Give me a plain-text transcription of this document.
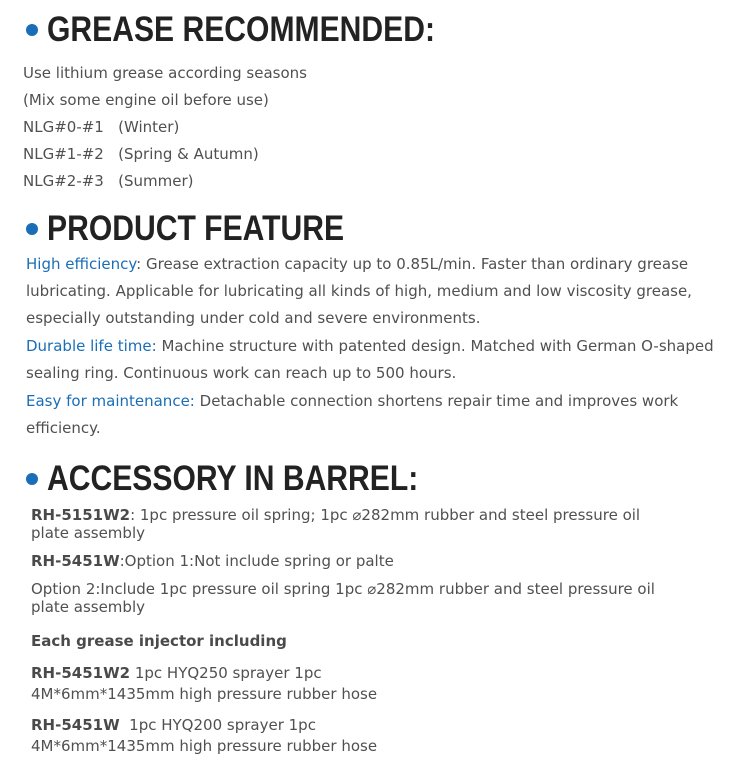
GREASE RECOMMENDED:
Use lithium grease according seasons
(Mix some engine oil before use)
NLG#0-#1   (Winter)
NLG#1-#2   (Spring & Autumn)
NLG#2-#3   (Summer)
PRODUCT FEATURE
High efficiency: Grease extraction capacity up to 0.85L/min. Faster than ordinary grease lubricating. Applicable for lubricating all kinds of high, medium and low viscosity grease, especially outstanding under cold and severe environments.
Durable life time: Machine structure with patented design. Matched with German O-shaped sealing ring. Continuous work can reach up to 500 hours.
Easy for maintenance: Detachable connection shortens repair time and improves work efficiency.
ACCESSORY IN BARREL:
RH-5151W2: 1pc pressure oil spring; 1pc ⌀282mm rubber and steel pressure oil plate assembly
RH-5451W:Option 1:Not include spring or palte
Option 2:Include 1pc pressure oil spring 1pc ⌀282mm rubber and steel pressure oil plate assembly
Each grease injector including
RH-5451W2 1pc HYQ250 sprayer 1pc
4M*6mm*1435mm high pressure rubber hose
RH-5451W  1pc HYQ200 sprayer 1pc
4M*6mm*1435mm high pressure rubber hose
